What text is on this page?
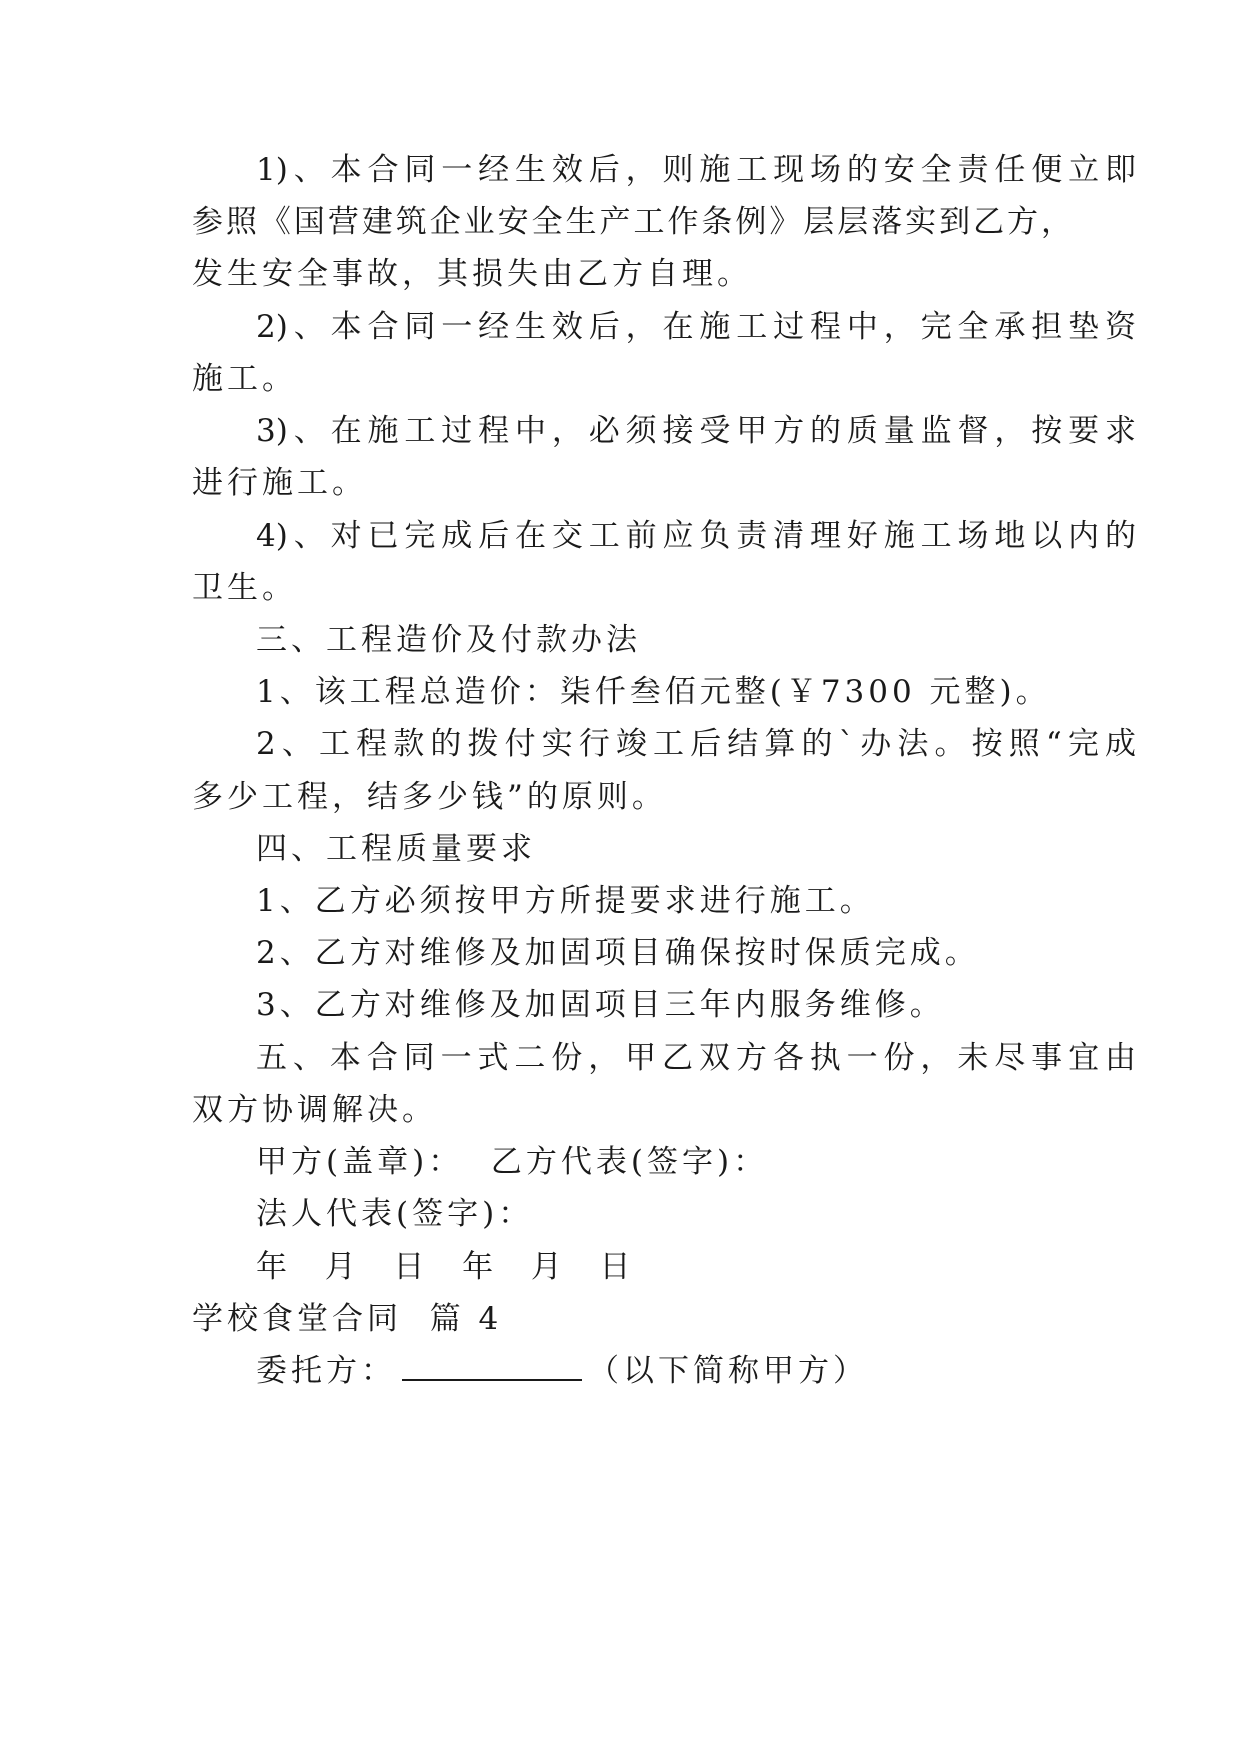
1)、本合同一经生效后，则施工现场的安全责任便立即
参照《国营建筑企业安全生产工作条例》层层落实到乙方，
发生安全事故，其损失由乙方自理。
2)、本合同一经生效后，在施工过程中，完全承担垫资
施工。
3)、在施工过程中，必须接受甲方的质量监督，按要求
进行施工。
4)、对已完成后在交工前应负责清理好施工场地以内的
卫生。
三、工程造价及付款办法
1、该工程总造价：柒仟叁佰元整(￥7300 元整)。
2、工程款的拨付实行竣工后结算的`办法。按照“完成
多少工程，结多少钱”的原则。
四、工程质量要求
1、乙方必须按甲方所提要求进行施工。
2、乙方对维修及加固项目确保按时保质完成。
3、乙方对维修及加固项目三年内服务维修。
五、本合同一式二份，甲乙双方各执一份，未尽事宜由
双方协调解决。
甲方(盖章)：  乙方代表(签字)：
法人代表(签字)：
年  月  日  年  月  日
学校食堂合同  篇 4
委托方：	（以下简称甲方）
